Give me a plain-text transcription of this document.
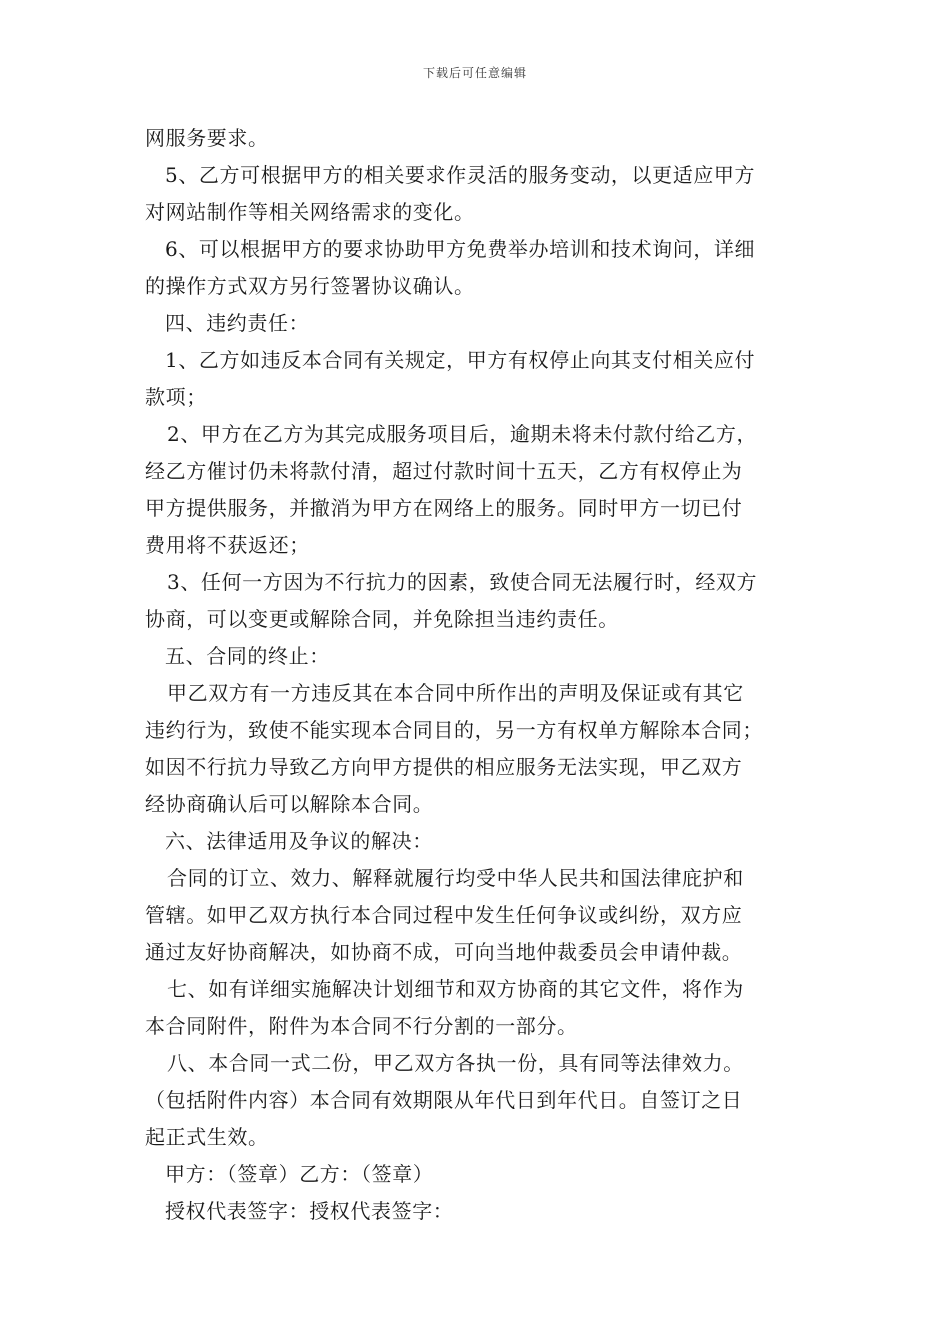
下载后可任意编辑

网服务要求。

5、乙方可根据甲方的相关要求作灵活的服务变动，以更适应甲方

对网站制作等相关网络需求的变化。

6、可以根据甲方的要求协助甲方免费举办培训和技术询问，详细

的操作方式双方另行签署协议确认。

四、违约责任：

1、乙方如违反本合同有关规定，甲方有权停止向其支付相关应付

款项；

2、甲方在乙方为其完成服务项目后，逾期未将未付款付给乙方，

经乙方催讨仍未将款付清，超过付款时间十五天，乙方有权停止为

甲方提供服务，并撤消为甲方在网络上的服务。同时甲方一切已付

费用将不获返还；

3、任何一方因为不行抗力的因素，致使合同无法履行时，经双方

协商，可以变更或解除合同，并免除担当违约责任。

五、合同的终止：

甲乙双方有一方违反其在本合同中所作出的声明及保证或有其它

违约行为，致使不能实现本合同目的，另一方有权单方解除本合同；

如因不行抗力导致乙方向甲方提供的相应服务无法实现，甲乙双方

经协商确认后可以解除本合同。

六、法律适用及争议的解决：

合同的订立、效力、解释就履行均受中华人民共和国法律庇护和

管辖。如甲乙双方执行本合同过程中发生任何争议或纠纷，双方应

通过友好协商解决，如协商不成，可向当地仲裁委员会申请仲裁。

七、如有详细实施解决计划细节和双方协商的其它文件，将作为

本合同附件，附件为本合同不行分割的一部分。

八、本合同一式二份，甲乙双方各执一份，具有同等法律效力。

（包括附件内容）本合同有效期限从年代日到年代日。自签订之日

起正式生效。

甲方：（签章）乙方：（签章）

授权代表签字：授权代表签字：
